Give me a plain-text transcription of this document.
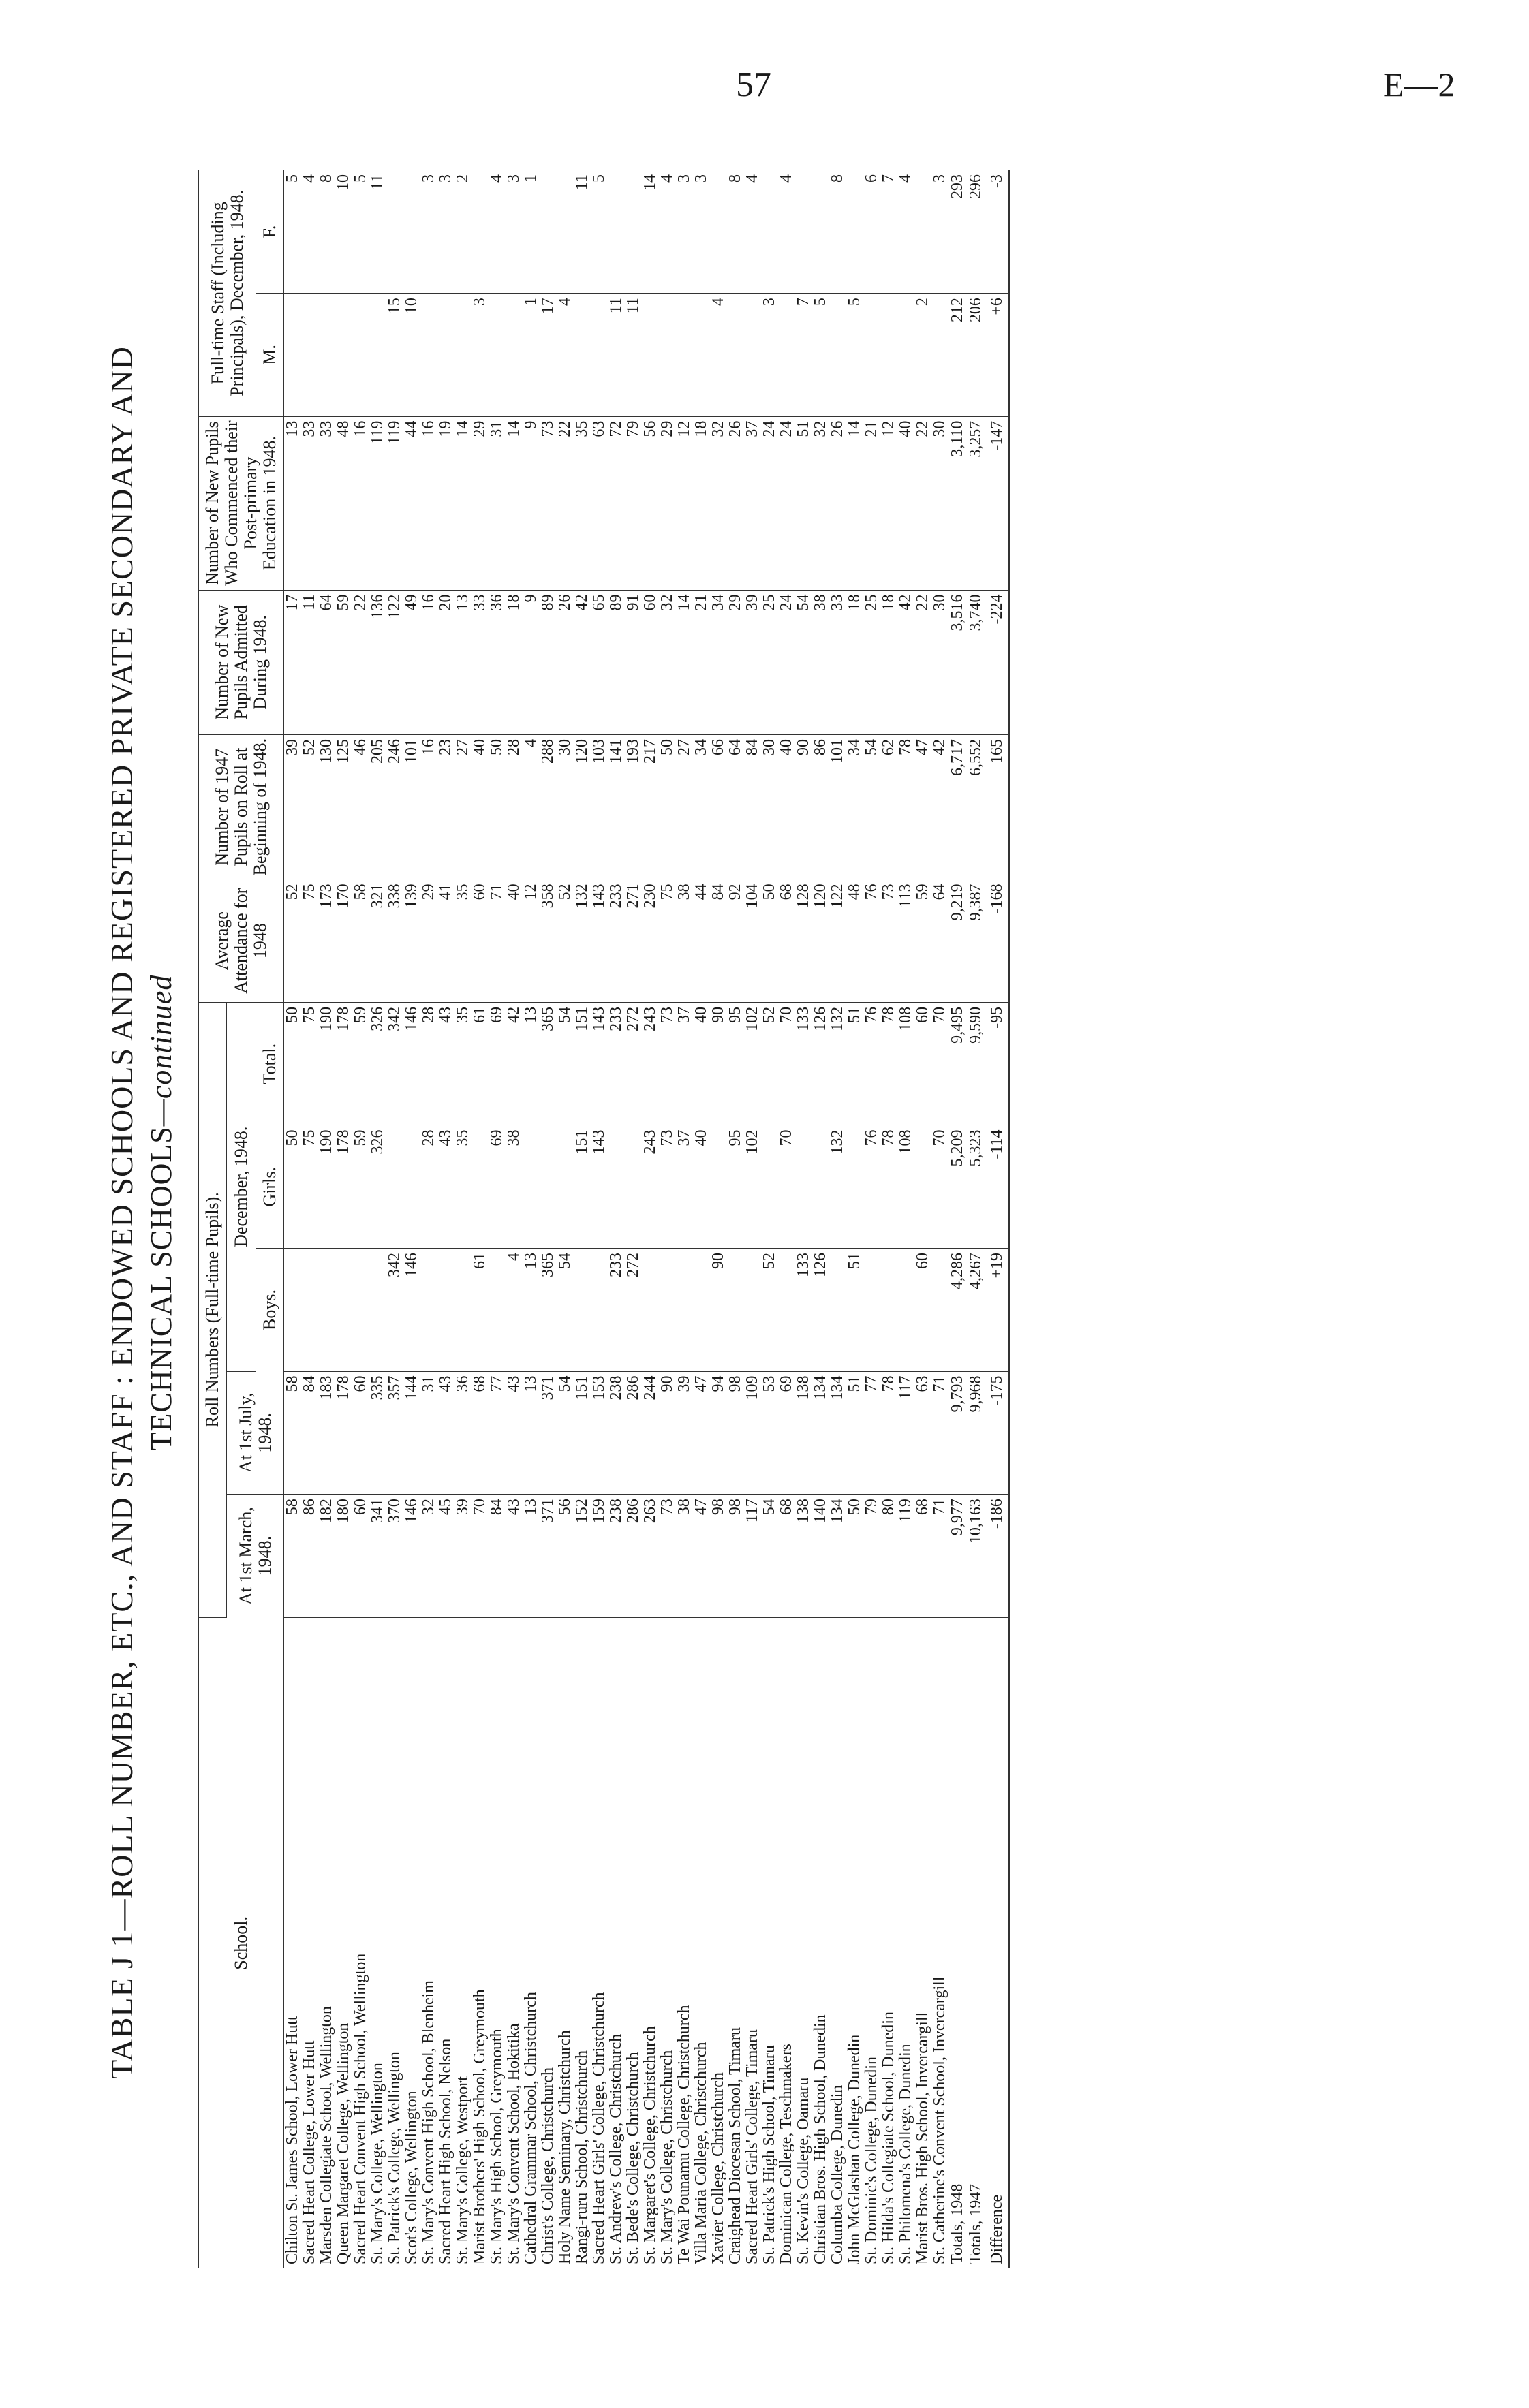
57	E—2
TABLE J 1—ROLL NUMBER, ETC., AND STAFF : ENDOWED SCHOOLS AND REGISTERED PRIVATE SECONDARY AND TECHNICAL SCHOOLS—continued
School.	Roll Numbers (Full-time Pupils).					Average Attendance for 1948	Number of 1947 Pupils on Roll at Beginning of 1948.	Number of New Pupils Admitted During 1948.	Number of New Pupils Who Commenced their Post-primary Education in 1948.	Full-time Staff (Including Principals), December, 1948.	
	At 1st March, 1948.	At 1st July, 1948.	December, 1948.								
			Boys.	Girls.	Total.					M.	F.
Chilton St. James School, Lower Hutt	58	58		50	50	52	39	17	13		5
Sacred Heart College, Lower Hutt	86	84		75	75	75	52	11	33		4
Marsden Collegiate School, Wellington	182	183		190	190	173	130	64	33		8
Queen Margaret College, Wellington	180	178		178	178	170	125	59	48		10
Sacred Heart Convent High School, Wellington	60	60		59	59	58	46	22	16		5
St. Mary's College, Wellington	341	335		326	326	321	205	136	119		11
St. Patrick's College, Wellington	370	357	342		342	338	246	122	119	15	
Scot's College, Wellington	146	144	146		146	139	101	49	44	10	
St. Mary's Convent High School, Blenheim	32	31		28	28	29	16	16	16		3
Sacred Heart High School, Nelson	45	43		43	43	41	23	20	19		3
St. Mary's College, Westport	39	36		35	35	35	27	13	14		2
Marist Brothers' High School, Greymouth	70	68	61		61	60	40	33	29	3	
St. Mary's High School, Greymouth	84	77		69	69	71	50	36	31		4
St. Mary's Convent School, Hokitika	43	43	4	38	42	40	28	18	14		3
Cathedral Grammar School, Christchurch	13	13	13		13	12	4	9	9	1	1
Christ's College, Christchurch	371	371	365		365	358	288	89	73	17	
Holy Name Seminary, Christchurch	56	54	54		54	52	30	26	22	4	
Rangi-ruru School, Christchurch	152	151		151	151	132	120	42	35		11
Sacred Heart Girls' College, Christchurch	159	153		143	143	143	103	65	63		5
St. Andrew's College, Christchurch	238	238	233		233	233	141	89	72	11	
St. Bede's College, Christchurch	286	286	272		272	271	193	91	79	11	
St. Margaret's College, Christchurch	263	244		243	243	230	217	60	56		14
St. Mary's College, Christchurch	73	90		73	73	75	50	32	29		4
Te Wai Pounamu College, Christchurch	38	39		37	37	38	27	14	12		3
Villa Maria College, Christchurch	47	47		40	40	44	34	21	18		3
Xavier College, Christchurch	98	94	90		90	84	66	34	32	4	
Craighead Diocesan School, Timaru	98	98		95	95	92	64	29	26		8
Sacred Heart Girls' College, Timaru	117	109		102	102	104	84	39	37		4
St. Patrick's High School, Timaru	54	53	52		52	50	30	25	24	3	
Dominican College, Teschmakers	68	69		70	70	68	40	24	24		4
St. Kevin's College, Oamaru	138	138	133		133	128	90	54	51	7	
Christian Bros. High School, Dunedin	140	134	126		126	120	86	38	32	5	
Columba College, Dunedin	134	134		132	132	122	101	33	26		8
John McGlashan College, Dunedin	50	51	51		51	48	34	18	14	5	
St. Dominic's College, Dunedin	79	77		76	76	76	54	25	21		6
St. Hilda's Collegiate School, Dunedin	80	78		78	78	73	62	18	12		7
St. Philomena's College, Dunedin	119	117		108	108	113	78	42	40		4
Marist Bros. High School, Invercargill	68	63	60		60	59	47	22	22	2	
St. Catherine's Convent School, Invercargill	71	71		70	70	64	42	30	30		3
Totals, 1948	9,977	9,793	4,286	5,209	9,495	9,219	6,717	3,516	3,110	212	293
Totals, 1947	10,163	9,968	4,267	5,323	9,590	9,387	6,552	3,740	3,257	206	296
Difference	-186	-175	+19	-114	-95	-168	165	-224	-147	+6	-3
